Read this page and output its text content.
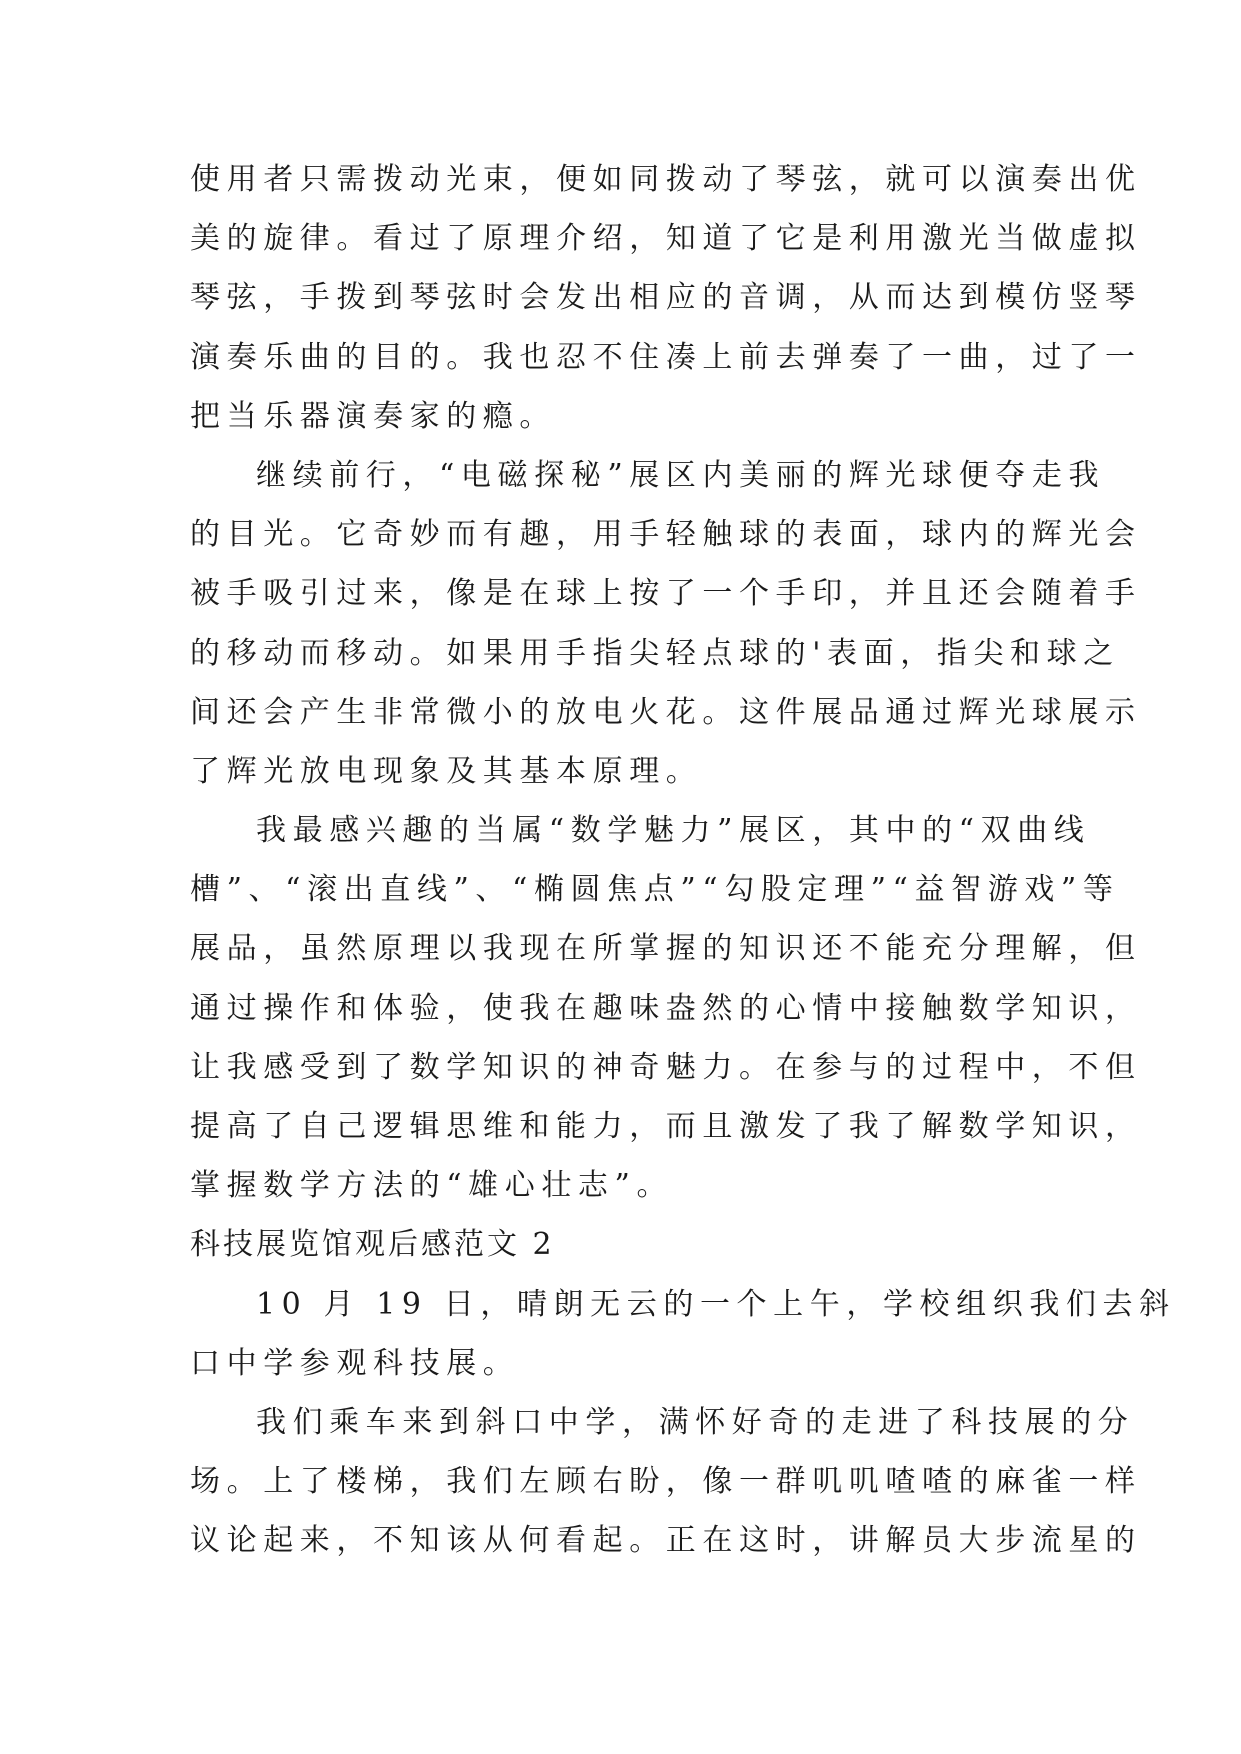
使用者只需拨动光束，便如同拨动了琴弦，就可以演奏出优
美的旋律。看过了原理介绍，知道了它是利用激光当做虚拟
琴弦，手拨到琴弦时会发出相应的音调，从而达到模仿竖琴
演奏乐曲的目的。我也忍不住凑上前去弹奏了一曲，过了一
把当乐器演奏家的瘾。
继续前行，“电磁探秘”展区内美丽的辉光球便夺走我
的目光。它奇妙而有趣，用手轻触球的表面，球内的辉光会
被手吸引过来，像是在球上按了一个手印，并且还会随着手
的移动而移动。如果用手指尖轻点球的'表面，指尖和球之
间还会产生非常微小的放电火花。这件展品通过辉光球展示
了辉光放电现象及其基本原理。
我最感兴趣的当属“数学魅力”展区，其中的“双曲线
槽”、“滚出直线”、“椭圆焦点”“勾股定理”“益智游戏”等
展品，虽然原理以我现在所掌握的知识还不能充分理解，但
通过操作和体验，使我在趣味盎然的心情中接触数学知识，
让我感受到了数学知识的神奇魅力。在参与的过程中，不但
提高了自己逻辑思维和能力，而且激发了我了解数学知识，
掌握数学方法的“雄心壮志”。
科技展览馆观后感范文 2
10 月 19 日，晴朗无云的一个上午，学校组织我们去斜
口中学参观科技展。
我们乘车来到斜口中学，满怀好奇的走进了科技展的分
场。上了楼梯，我们左顾右盼，像一群叽叽喳喳的麻雀一样
议论起来，不知该从何看起。正在这时，讲解员大步流星的
